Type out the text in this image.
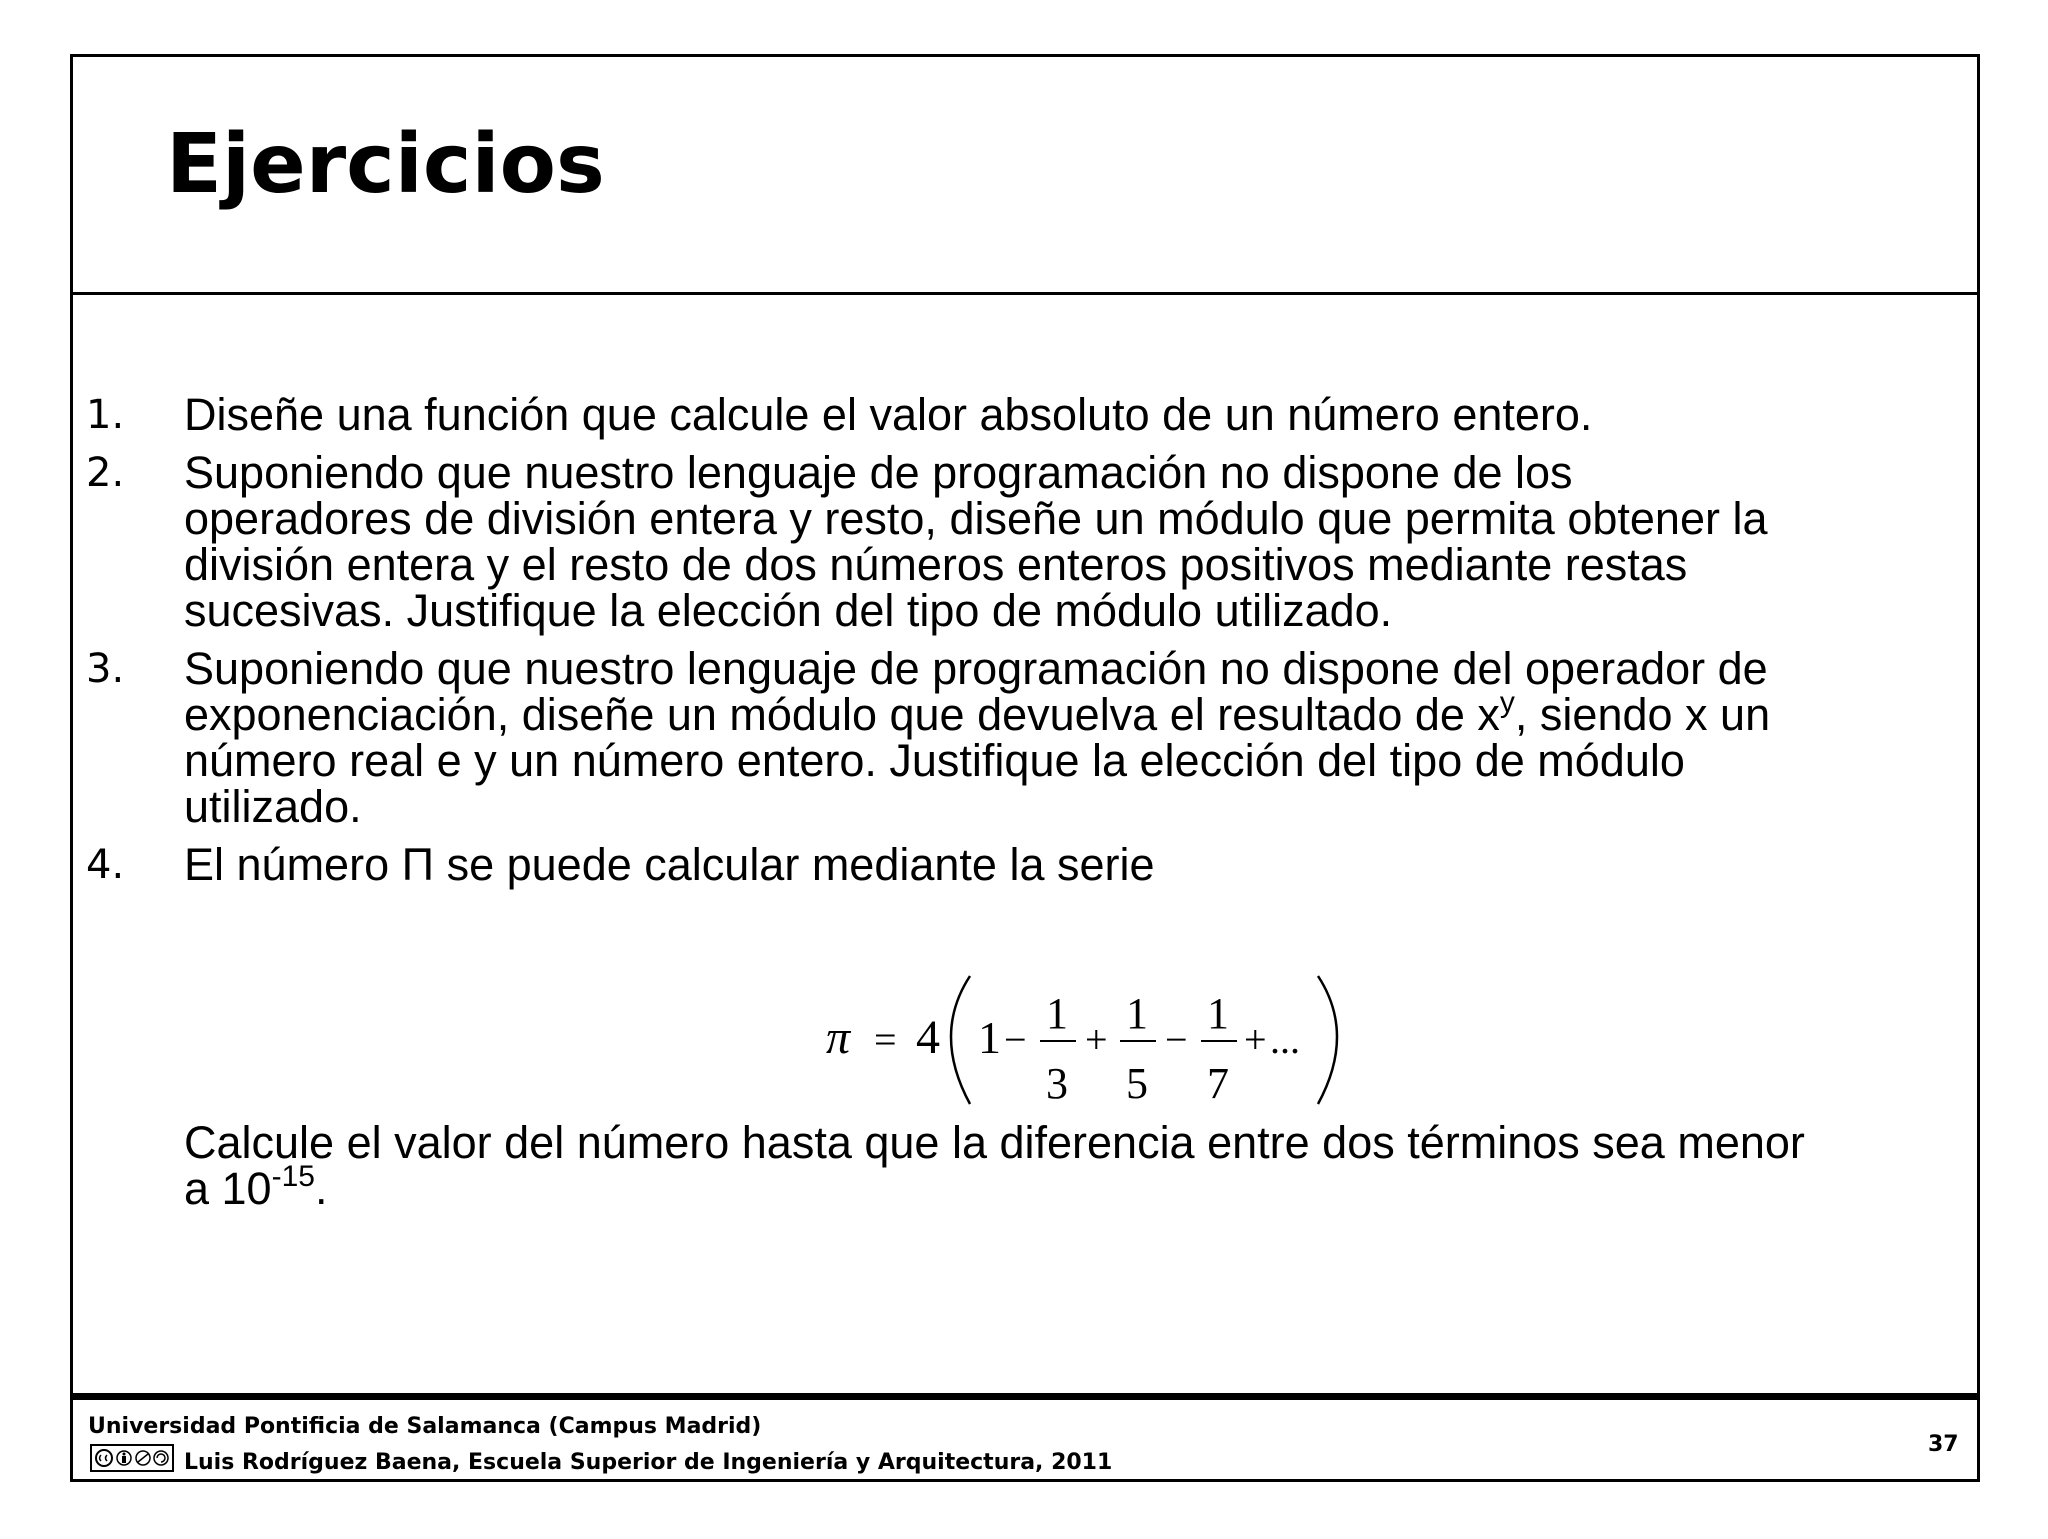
Ejercicios
1.	Diseñe una función que calcule el valor absoluto de un número entero.
2.	Suponiendo que nuestro lenguaje de programación no dispone de los operadores de división entera y resto, diseñe un módulo que permita obtener la división entera y el resto de dos números enteros positivos mediante restas sucesivas. Justifique la elección del tipo de módulo utilizado.
3.	Suponiendo que nuestro lenguaje de programación no dispone del operador de exponenciación, diseñe un módulo que devuelva el resultado de $x^y$, siendo x un número real e y un número entero. Justifique la elección del tipo de módulo utilizado.
4.	El número Π se puede calcular mediante la serie
π = 4 1 −
1
3
+
1
5
−
1
7
+ ...
Calcule el valor del número hasta que la diferencia entre dos términos sea menor a $10^{-15}$.
Universidad Pontificia de Salamanca (Campus Madrid)
Luis Rodríguez Baena, Escuela Superior de Ingeniería y Arquitectura, 2011
37
